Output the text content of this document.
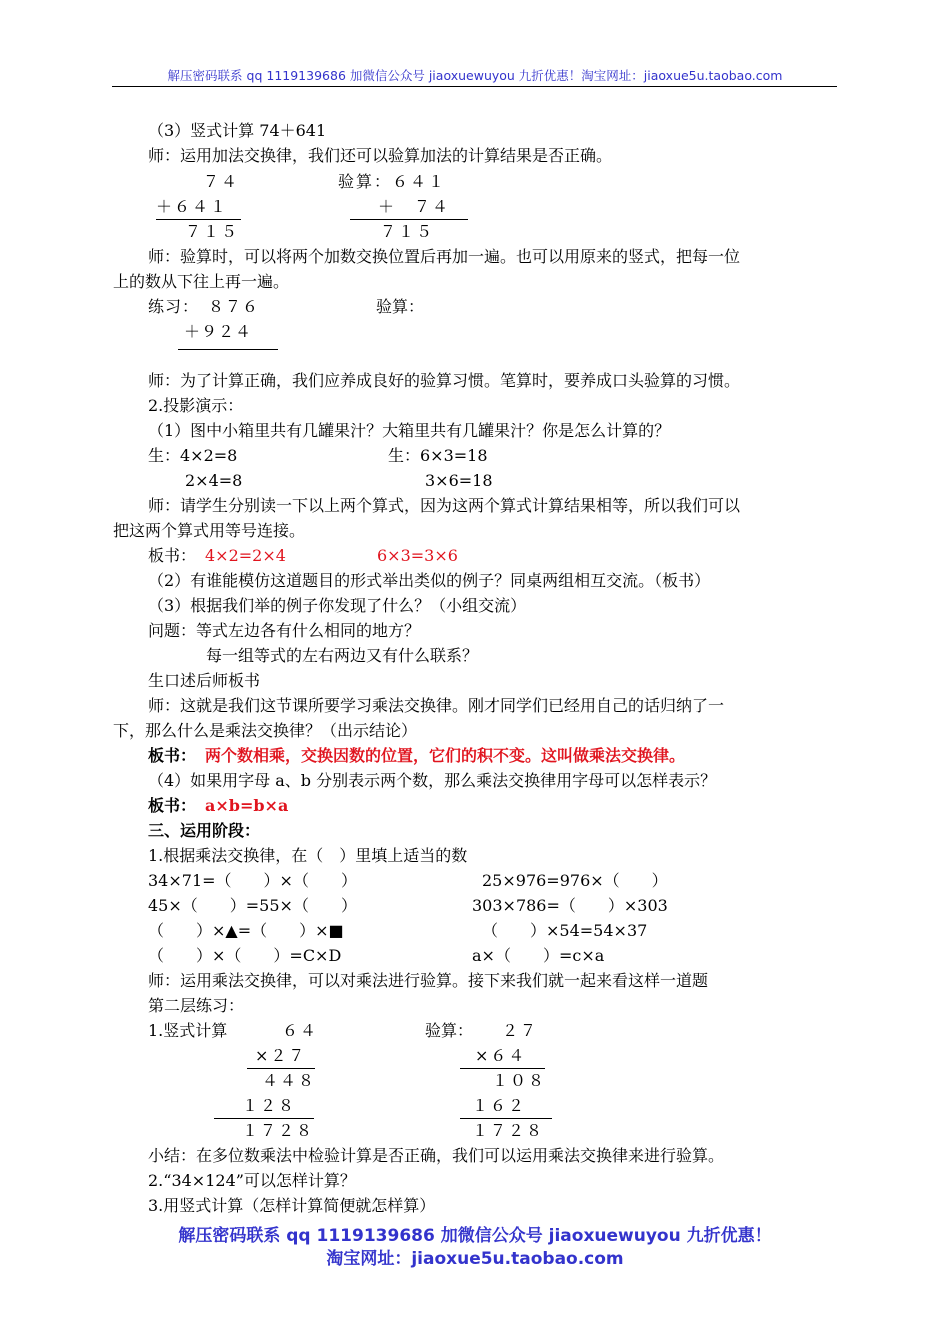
解压密码联系 qq 1119139686 加微信公众号 jiaoxuewuyou 九折优惠！淘宝网址：jiaoxue5u.taobao.com
（3）竖式计算 74＋641
师：运用加法交换律，我们还可以验算加法的计算结果是否正确。
７４
＋６４１
７１５
验算：６４１
＋　７４
７１５
师：验算时，可以将两个加数交换位置后再加一遍。也可以用原来的竖式，把每一位
上的数从下往上再一遍。
练习：　８７６	验算：
＋９２４
师：为了计算正确，我们应养成良好的验算习惯。笔算时，要养成口头验算的习惯。
2.投影演示：
（1）图中小箱里共有几罐果汁？大箱里共有几罐果汁？你是怎么计算的？
生：4×2=8	生：6×3=18
2×4=8	3×6=18
师：请学生分别读一下以上两个算式，因为这两个算式计算结果相等，所以我们可以
把这两个算式用等号连接。
板书： 4×2=2×4	6×3=3×6
（2）有谁能模仿这道题目的形式举出类似的例子？同桌两组相互交流。（板书）
（3）根据我们举的例子你发现了什么？（小组交流）
问题：等式左边各有什么相同的地方？
每一组等式的左右两边又有什么联系？
生口述后师板书
师：这就是我们这节课所要学习乘法交换律。刚才同学们已经用自己的话归纳了一
下，那么什么是乘法交换律？（出示结论）
板书： 两个数相乘，交换因数的位置，它们的积不变。这叫做乘法交换律。
（4）如果用字母 a、b 分别表示两个数，那么乘法交换律用字母可以怎样表示？
板书： a×b=b×a
三、运用阶段：
1.根据乘法交换律，在（　）里填上适当的数
34×71=（　　）×（　　）	25×976=976×（　　）
45×（　　）=55×（　　）	303×786=（　　）×303
（　　）×▲=（　　）×■	（　　）×54=54×37
（　　）×（　　）=C×D	a×（　　）=c×a
师：运用乘法交换律，可以对乘法进行验算。接下来我们就一起来看这样一道题
第二层练习：
1.竖式计算	６４
×２７
４４８
１２８
１７２８
验算： ２７
×６４
１０８
１６２
１７２８
小结：在多位数乘法中检验计算是否正确，我们可以运用乘法交换律来进行验算。
2.“34×124”可以怎样计算？
3.用竖式计算（怎样计算简便就怎样算）
解压密码联系 qq 1119139686 加微信公众号 jiaoxuewuyou 九折优惠！
淘宝网址：jiaoxue5u.taobao.com
